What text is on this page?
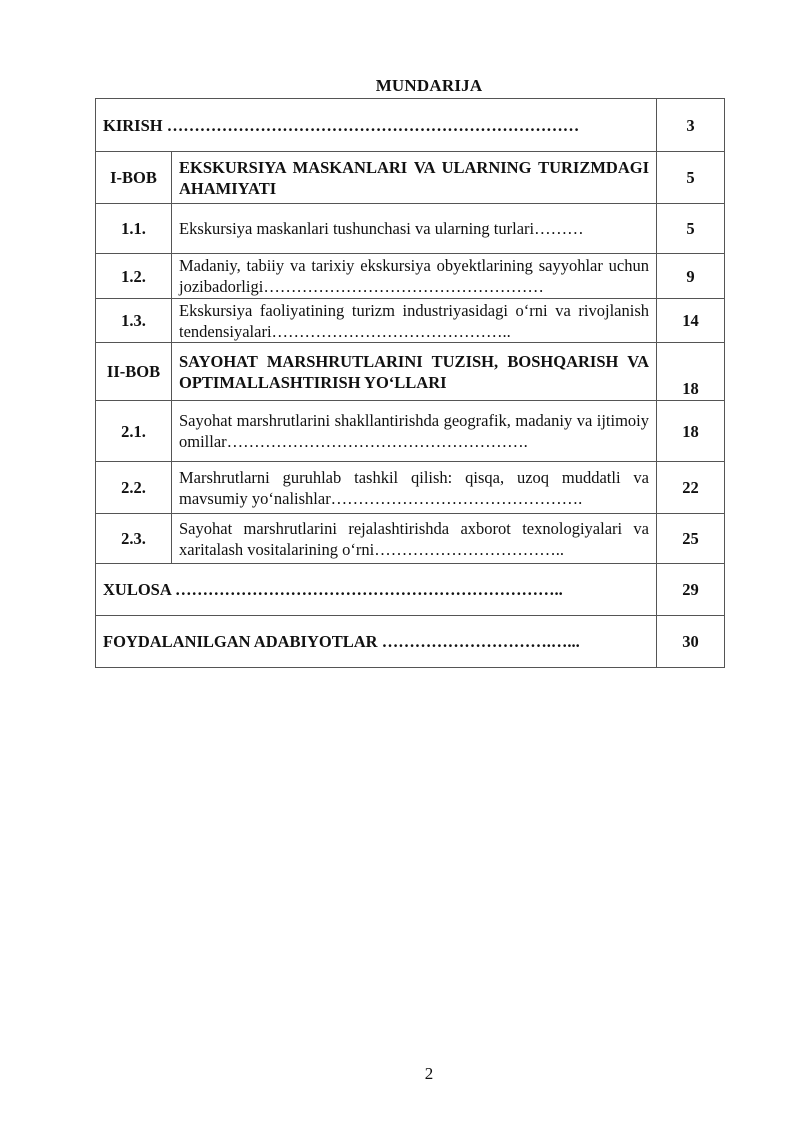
MUNDARIJA
KIRISH …………………………………………………………………		3
I-BOB	EKSKURSIYA MASKANLARI VA ULARNING TURIZMDAGI AHAMIYATI	5
1.1.	Ekskursiya maskanlari tushunchasi va ularning turlari………	5
1.2.	Madaniy, tabiiy va tarixiy ekskursiya obyektlarining sayyohlar uchun jozibadorligi……………………………………………	9
1.3.	Ekskursiya faoliyatining turizm industriyasidagi o‘rni va rivojlanish tendensiyalari……………………………………..	14
II-BOB	SAYOHAT MARSHRUTLARINI TUZISH, BOSHQARISH VA OPTIMALLASHTIRISH YO‘LLARI	18
2.1.	Sayohat marshrutlarini shakllantirishda geografik, madaniy va ijtimoiy omillar……………………………………………….	18
2.2.	Marshrutlarni guruhlab tashkil qilish: qisqa, uzoq muddatli va mavsumiy yo‘nalishlar……………………………………….	22
2.3.	Sayohat marshrutlarini rejalashtirishda axborot texnologiyalari va xaritalash vositalarining o‘rni……………………………..	25
XULOSA ……………………………………………………………..		29
FOYDALANILGAN ADABIYOTLAR ………………………….…...		30
2
